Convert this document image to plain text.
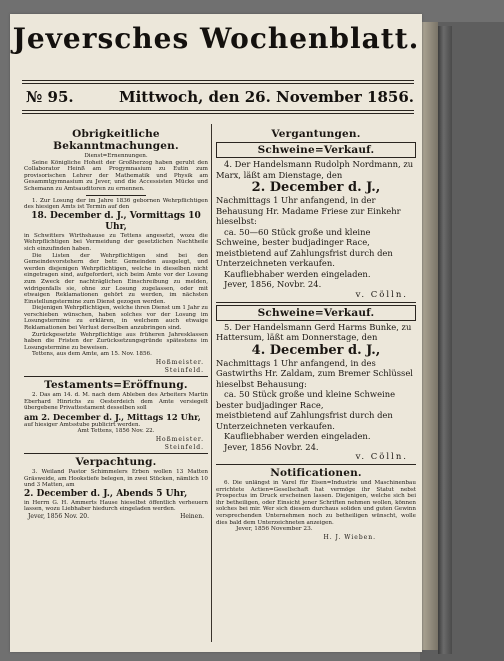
Jeversches Wochenblatt.
№ 95.	Mittwoch, den 26. November 1856.
Obrigkeitliche Bekanntmachungen.
Dienst=Ernennungen.
Seine Königliche Hoheit der Großherzog haben geruht den Collaborator Heinß am Progymnasium zu Eutin zum provisorischen Lehrer der Mathematik und Physik am Gesammtgymnasium zu Jever, und die Accessisten Mücke und Schemann zu Amtsauditoren zu ernennen.
1. Zur Losung der im Jahre 1836 gebornen Wehrpflichtigen des hiesigen Amts ist Termin auf den
18. December d. J., Vormittags 10 Uhr,
in Schwitters Wirthshause zu Tettens angesetzt, wozu die Wehrpflichtigen bei Vermeidung der gesetzlichen Nachtheile sich einzufinden haben.
Die Listen der Wehrpflichtigen sind bei den Gemeindevorstehern der betr. Gemeinden ausgelegt, und werden diejenigen Wehrpflichtigen, welche in dieselben nicht eingetragen sind, aufgefordert, sich beim Amte vor der Losung zum Zweck der nachträglichen Einschreibung zu melden, widrigenfalls sie, ohne zur Losung zugelassen, oder mit etwaigen Reklamationen gehört zu werden, im nächsten Einstellungstermine zum Dienst gezogen werden.
Diejenigen Wehrpflichtigen, welche ihren Dienst um 1 Jahr zu verschieben wünschen, haben solches vor der Losung im Losungstermine zu erklären, in welchem auch etwaige Reklamationen bei Verlust derselben anzubringen sind.
Zurückgesetzte Wehrpflichtige aus früheren Jahresklassen haben die Fristen der Zurücksetzungsgründe spätestens im Losungstermine zu beweisen.
Tettens, aus dem Amte, am 15. Nov. 1856.
Hoßmeister.
Steinfeld.
Testaments=Eröffnung.
2. Das am 14. d. M. nach dem Ableben des Arbeiters Martin Eberhard Hinrichs zu Oesterdeich dem Amte versiegelt übergebene Privattestament desselben soll
am 2. December d. J., Mittags 12 Uhr,
auf hiesiger Amtsstube publicirt werden.
Amt Tettens, 1856 Nov. 22.
Hoßmeister.
Steinfeld.
Verpachtung.
3. Weiland Pastor Schimmelers Erben wollen 13 Matten Gräsweide, am Hookstiefe belegen, in zwei Stücken, nämlich 10 und 3 Matten, am
2. December d. J., Abends 5 Uhr,
in Herrn G. H. Ammerts Hause hieselbst öffentlich verheuern lassen, wozu Liebhaber hiedurch eingeladen werden.
Jever, 1856 Nov. 20.	Heinen.
Vergantungen.
Schweine=Verkauf.
4. Der Handelsmann Rudolph Nordmann, zu Marx, läßt am Dienstage, den
2. December d. J.,
Nachmittags 1 Uhr anfangend, in der Behausung Hr. Madame Friese zur Einkehr hieselbst:
ca. 50—60 Stück große und kleine Schweine, bester budjadinger Race,
meistbietend auf Zahlungsfrist durch den Unterzeichneten verkaufen.
Kaufliebhaber werden eingeladen.
Jever, 1856, Novbr. 24.
v. Cölln.
Schweine=Verkauf.
5. Der Handelsmann Gerd Harms Bunke, zu Hattersum, läßt am Donnerstage, den
4. December d. J.,
Nachmittags 1 Uhr anfangend, in des Gastwirths Hr. Zaldam, zum Bremer Schlüssel hieselbst Behausung:
ca. 50 Stück große und kleine Schweine bester budjadinger Race,
meistbietend auf Zahlungsfrist durch den Unterzeichneten verkaufen.
Kaufliebhaber werden eingeladen.
Jever, 1856 Novbr. 24.
v. Cölln.
Notificationen.
6. Die unlängst in Varel für Eisen=Industrie und Maschinenbau errichtete Actien=Gesellschaft hat vermöge ihr Statut nebst Prospectus im Druck erscheinen lassen. Diejenigen, welche sich bei ihr betheiligen, oder Einsicht jener Schriften nehmen wollen, können solches bei mir. Wer sich diesem durchaus soliden und guten Gewinn versprechenden Unternehmen noch zu betheiligen wünscht, wolle dies bald dem Unterzeichneten anzeigen.
Jever, 1856 November 23.
H. J. Wieben.
